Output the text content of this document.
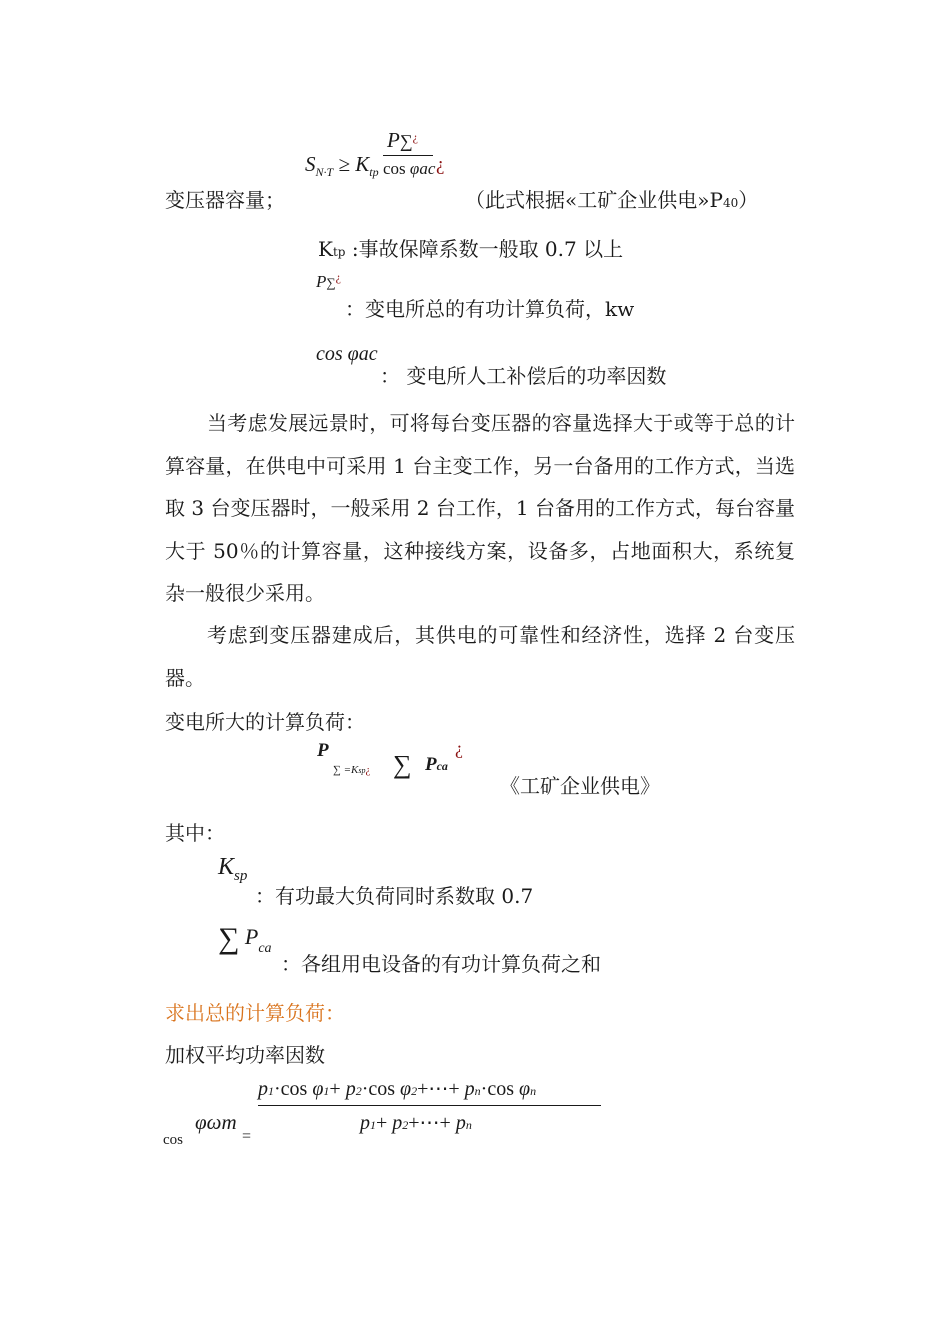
$S_{N\cdot T} \ge K_{tp}$
P∑¿
cos φac ¿
变压器容量；	（此式根据«工矿企业供电»P40）
Ktp :事故保障系数一般取 0.7 以上
P∑¿
：变电所总的有功计算负荷，kw
cos φac
： 变电所人工补偿后的功率因数

当考虑发展远景时，可将每台变压器的容量选择大于或等于总的计算容量，在供电中可采用 1 台主变工作，另一台备用的工作方式，当选取 3 台变压器时，一般采用 2 台工作，1 台备用的工作方式，每台容量大于 50％的计算容量，这种接线方案，设备多，占地面积大，系统复杂一般很少采用。

考虑到变压器建成后，其供电的可靠性和经济性，选择 2 台变压器。

变电所大的计算负荷：
P
∑ =Ksp¿ ∑ Pca
¿
《工矿企业供电》
其中：
$K_{sp}$
：有功最大负荷同时系数取 0.7
∑ $P_{ca}$
：各组用电设备的有功计算负荷之和
求出总的计算负荷：
加权平均功率因数
cos
φωm
=
p1·cos φ1+ p2·cos φ2+⋯+ pn·cos φn
p1+ p2+⋯+ pn
